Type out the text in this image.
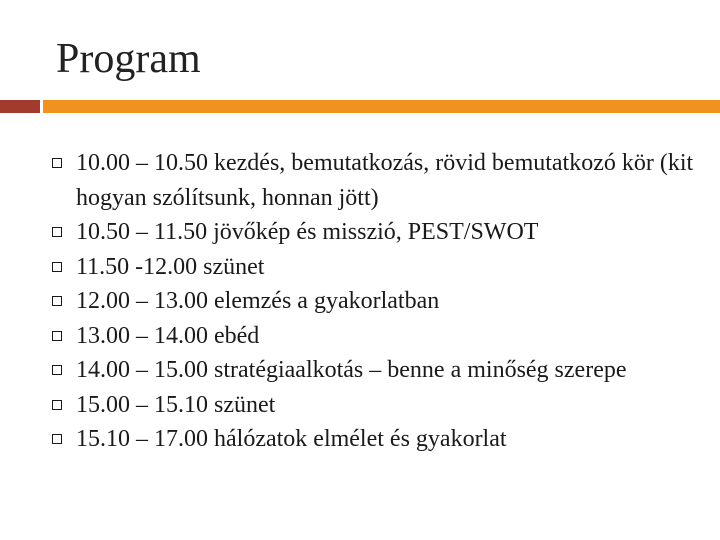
Program
10.00 – 10.50 kezdés, bemutatkozás, rövid bemutatkozó kör (kit hogyan szólítsunk, honnan jött)
10.50 – 11.50 jövőkép és misszió, PEST/SWOT
11.50 -12.00 szünet
12.00 – 13.00 elemzés a gyakorlatban
13.00 – 14.00 ebéd
14.00 – 15.00 stratégiaalkotás – benne a minőség szerepe
15.00 – 15.10 szünet
15.10 – 17.00 hálózatok elmélet és gyakorlat
